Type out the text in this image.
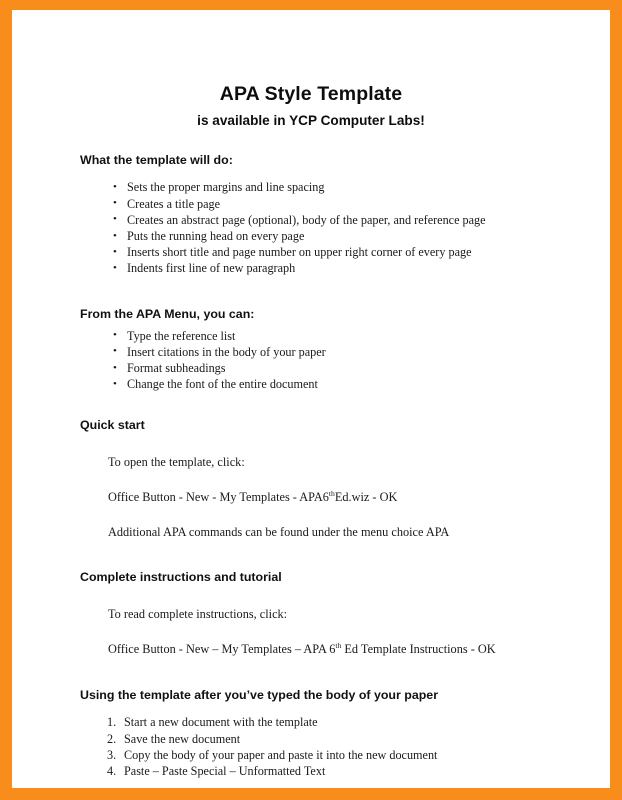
APA Style Template
is available in YCP Computer Labs!
What the template will do:
• Sets the proper margins and line spacing
• Creates a title page
• Creates an abstract page (optional), body of the paper, and reference page
• Puts the running head on every page
• Inserts short title and page number on upper right corner of every page
• Indents first line of new paragraph
From the APA Menu, you can:
• Type the reference list
• Insert citations in the body of your paper
• Format subheadings
• Change the font of the entire document
Quick start

To open the template, click:

Office Button - New - My Templates - APA6thEd.wiz - OK

Additional APA commands can be found under the menu choice APA

Complete instructions and tutorial

To read complete instructions, click:

Office Button - New – My Templates – APA 6th Ed Template Instructions - OK

Using the template after you’ve typed the body of your paper
Start a new document with the template
Save the new document
Copy the body of your paper and paste it into the new document
Paste – Paste Special – Unformatted Text
